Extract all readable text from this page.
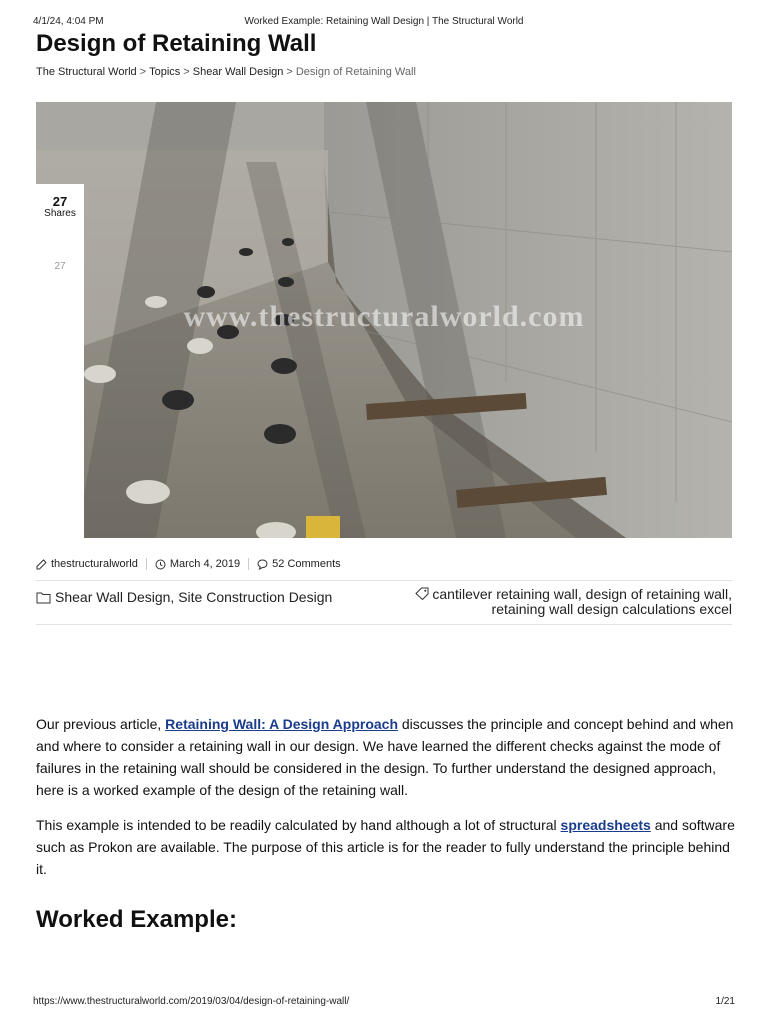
4/1/24, 4:04 PM	Worked Example: Retaining Wall Design | The Structural World
Design of Retaining Wall
The Structural World > Topics > Shear Wall Design > Design of Retaining Wall
www.thestructuralworld.com
27
Shares
27
thestructuralworld	March 4, 2019	52 Comments
Shear Wall Design, Site Construction Design	cantilever retaining wall, design of retaining wall,
retaining wall design calculations excel

Our previous article, Retaining Wall: A Design Approach discusses the principle and concept behind and when and where to consider a retaining wall in our design. We have learned the different checks against the mode of failures in the retaining wall should be considered in the design. To further understand the designed approach, here is a worked example of the design of the retaining wall.

This example is intended to be readily calculated by hand although a lot of structural spreadsheets and software such as Prokon are available. The purpose of this article is for the reader to fully understand the principle behind it.

Worked Example:
https://www.thestructuralworld.com/2019/03/04/design-of-retaining-wall/	1/21
